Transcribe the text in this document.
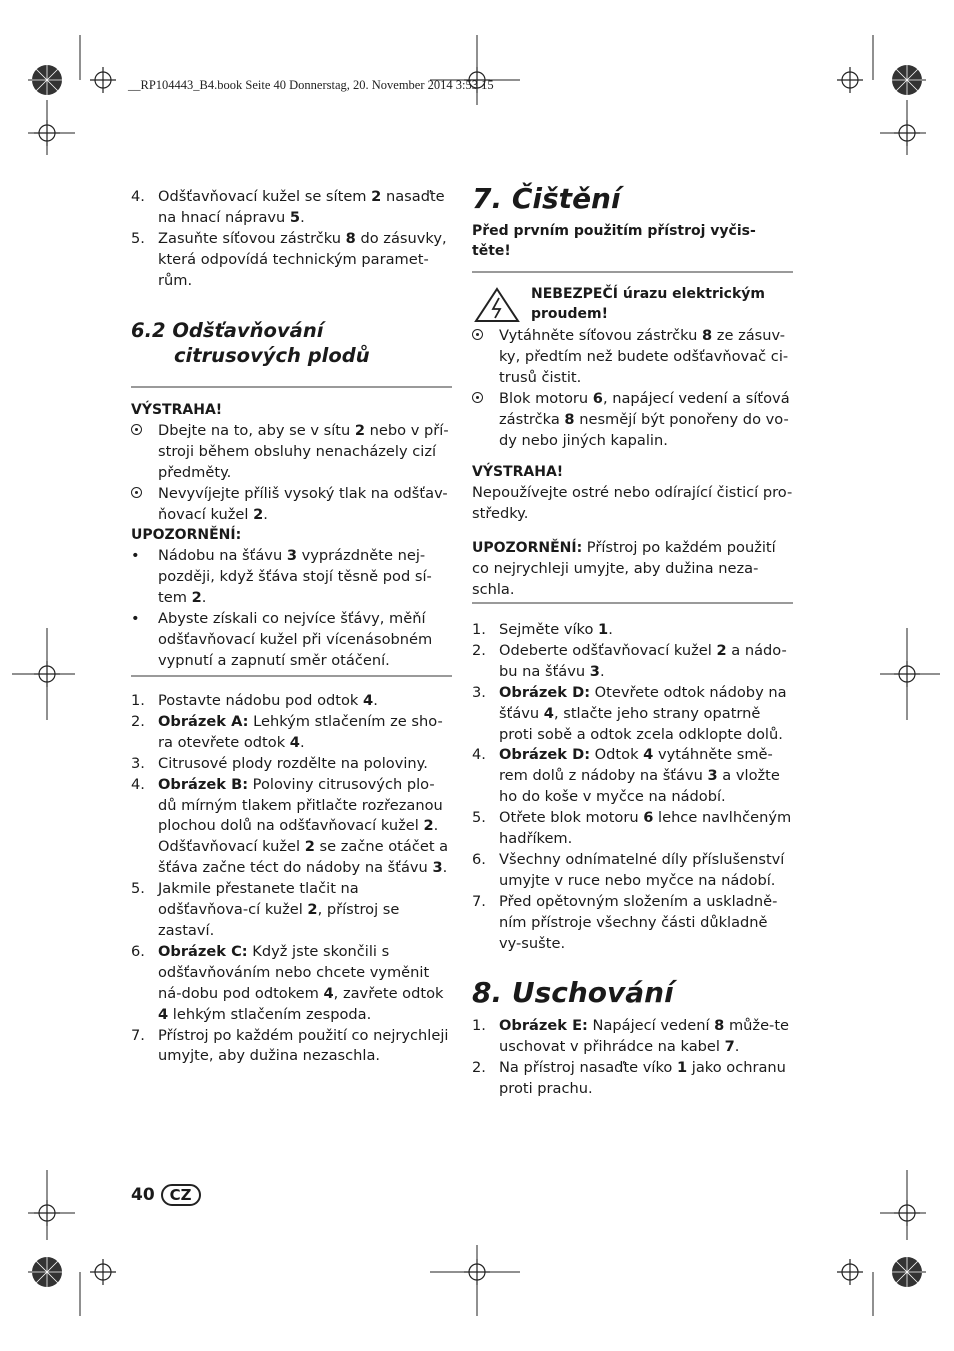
__RP104443_B4.book Seite 40 Donnerstag, 20. November 2014 3:53 15
4. Odšťavňovací kužel se sítem 2 nasaďte na hnací nápravu 5.
5. Zasuňte síťovou zástrčku 8 do zásuvky, která odpovídá technickým paramet-rům.
6.2 Odšťavňování
citrusových plodů
VÝSTRAHA!
Dbejte na to, aby se v sítu 2 nebo v pří-stroji během obsluhy nenacházely cizí předměty.
Nevyvíjejte příliš vysoký tlak na odšťav-ňovací kužel 2.
UPOZORNĚNÍ:
•	Nádobu na šťávu 3 vyprázdněte nej-později, když šťáva stojí těsně pod sí-tem 2.
•	Abyste získali co nejvíce šťávy, měňí odšťavňovací kužel při vícenásobném vypnutí a zapnutí směr otáčení.
1. Postavte nádobu pod odtok 4.
2. Obrázek A: Lehkým stlačením ze sho-ra otevřete odtok 4.
3. Citrusové plody rozdělte na poloviny.
4. Obrázek B: Poloviny citrusových plo-dů mírným tlakem přitlačte rozřezanou plochou dolů na odšťavňovací kužel 2. Odšťavňovací kužel 2 se začne otáčet a šťáva začne téct do nádoby na šťávu 3.
5. Jakmile přestanete tlačit na odšťavňova-cí kužel 2, přístroj se zastaví.
6. Obrázek C: Když jste skončili s odšťavňováním nebo chcete vyměnit ná-dobu pod odtokem 4, zavřete odtok 4 lehkým stlačením zespoda.
7. Přístroj po každém použití co nejrychleji umyjte, aby dužina nezaschla.
7. Čištění
Před prvním použitím přístroj vyčis-těte!
NEBEZPEČÍ úrazu elektrickým proudem!
Vytáhněte síťovou zástrčku 8 ze zásuv-ky, předtím než budete odšťavňovač ci-trusů čistit.
Blok motoru 6, napájecí vedení a síťová zástrčka 8 nesmějí být ponořeny do vo-dy nebo jiných kapalin.
VÝSTRAHA!

Nepoužívejte ostré nebo odírající čisticí pro-středky.

UPOZORNĚNÍ: Přístroj po každém použití co nejrychleji umyjte, aby dužina neza-schla.

1. Sejměte víko 1.
2. Odeberte odšťavňovací kužel 2 a nádo-bu na šťávu 3.
3. Obrázek D: Otevřete odtok nádoby na šťávu 4, stlačte jeho strany opatrně proti sobě a odtok zcela odklopte dolů.
4. Obrázek D: Odtok 4 vytáhněte smě-rem dolů z nádoby na šťávu 3 a vložte ho do koše v myčce na nádobí.
5. Otřete blok motoru 6 lehce navlhčeným hadříkem.
6. Všechny odnímatelné díly příslušenství umyjte v ruce nebo myčce na nádobí.
7. Před opětovným složením a uskladně-ním přístroje všechny části důkladně vy-sušte.
8. Uschování
1. Obrázek E: Napájecí vedení 8 může-te uschovat v přihrádce na kabel 7.
2. Na přístroj nasaďte víko 1 jako ochranu proti prachu.
40	CZ
